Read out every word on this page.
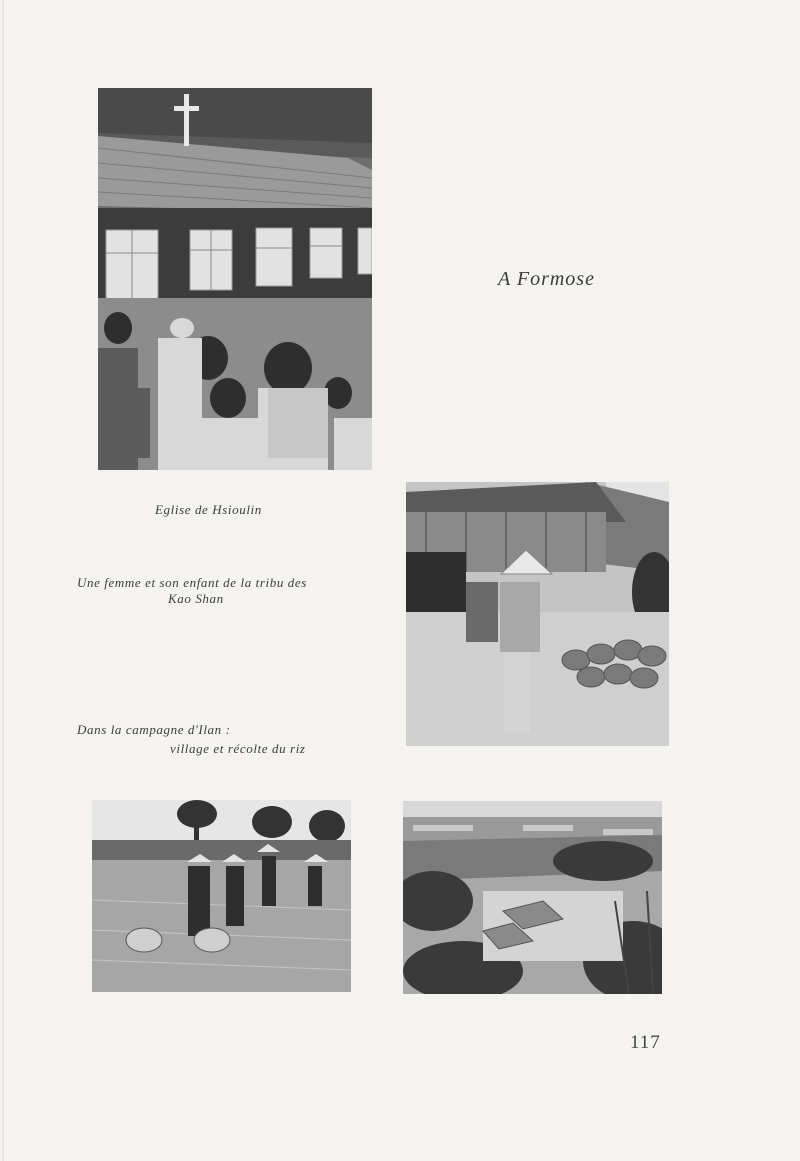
A Formose
Eglise de Hsioulin
Une femme et son enfant de la tribu des
Kao Shan
Dans la campagne d'Ilan :
village et récolte du riz
117
